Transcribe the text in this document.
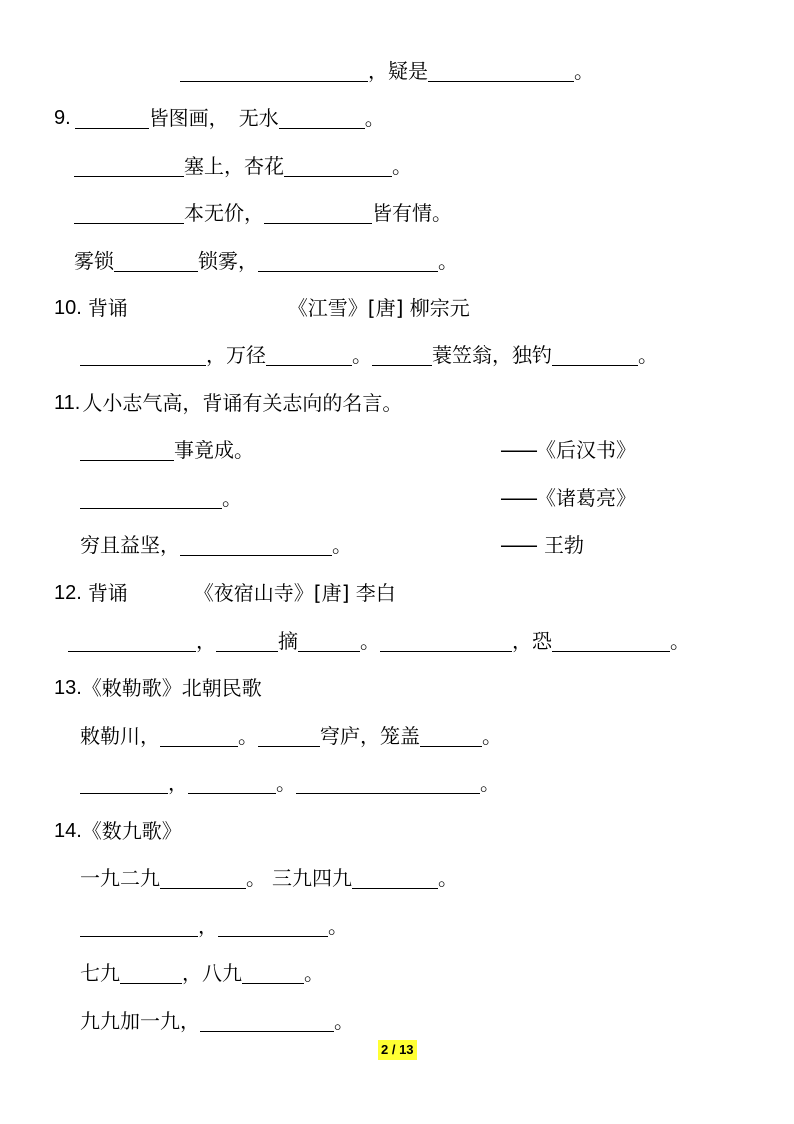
，疑是	。
9.	皆图画， 无水	。
塞上，杏花	。
本无价，	皆有情 。
雾锁	锁雾，	。
10. 背诵	《江雪》[唐] 柳宗元
，万径	。	蓑笠翁，独钓	。
11. 人小志气高，背诵有关志向的名言。
事竟成。	—— 《后汉书》
。	—— 《诸葛亮》
穷且益坚，	。	—— 王勃
12. 背诵	《夜宿山寺》[唐] 李白
，	摘	。	， 恐	。
13. 《敕勒歌》北朝民歌
敕勒川，	。	穹庐，笼盖	。
，	。	。
14. 《数九歌》
一九二九	。 三九四九	。
，	。
七九	，八九	。
九九加一九，	。
2 / 13
